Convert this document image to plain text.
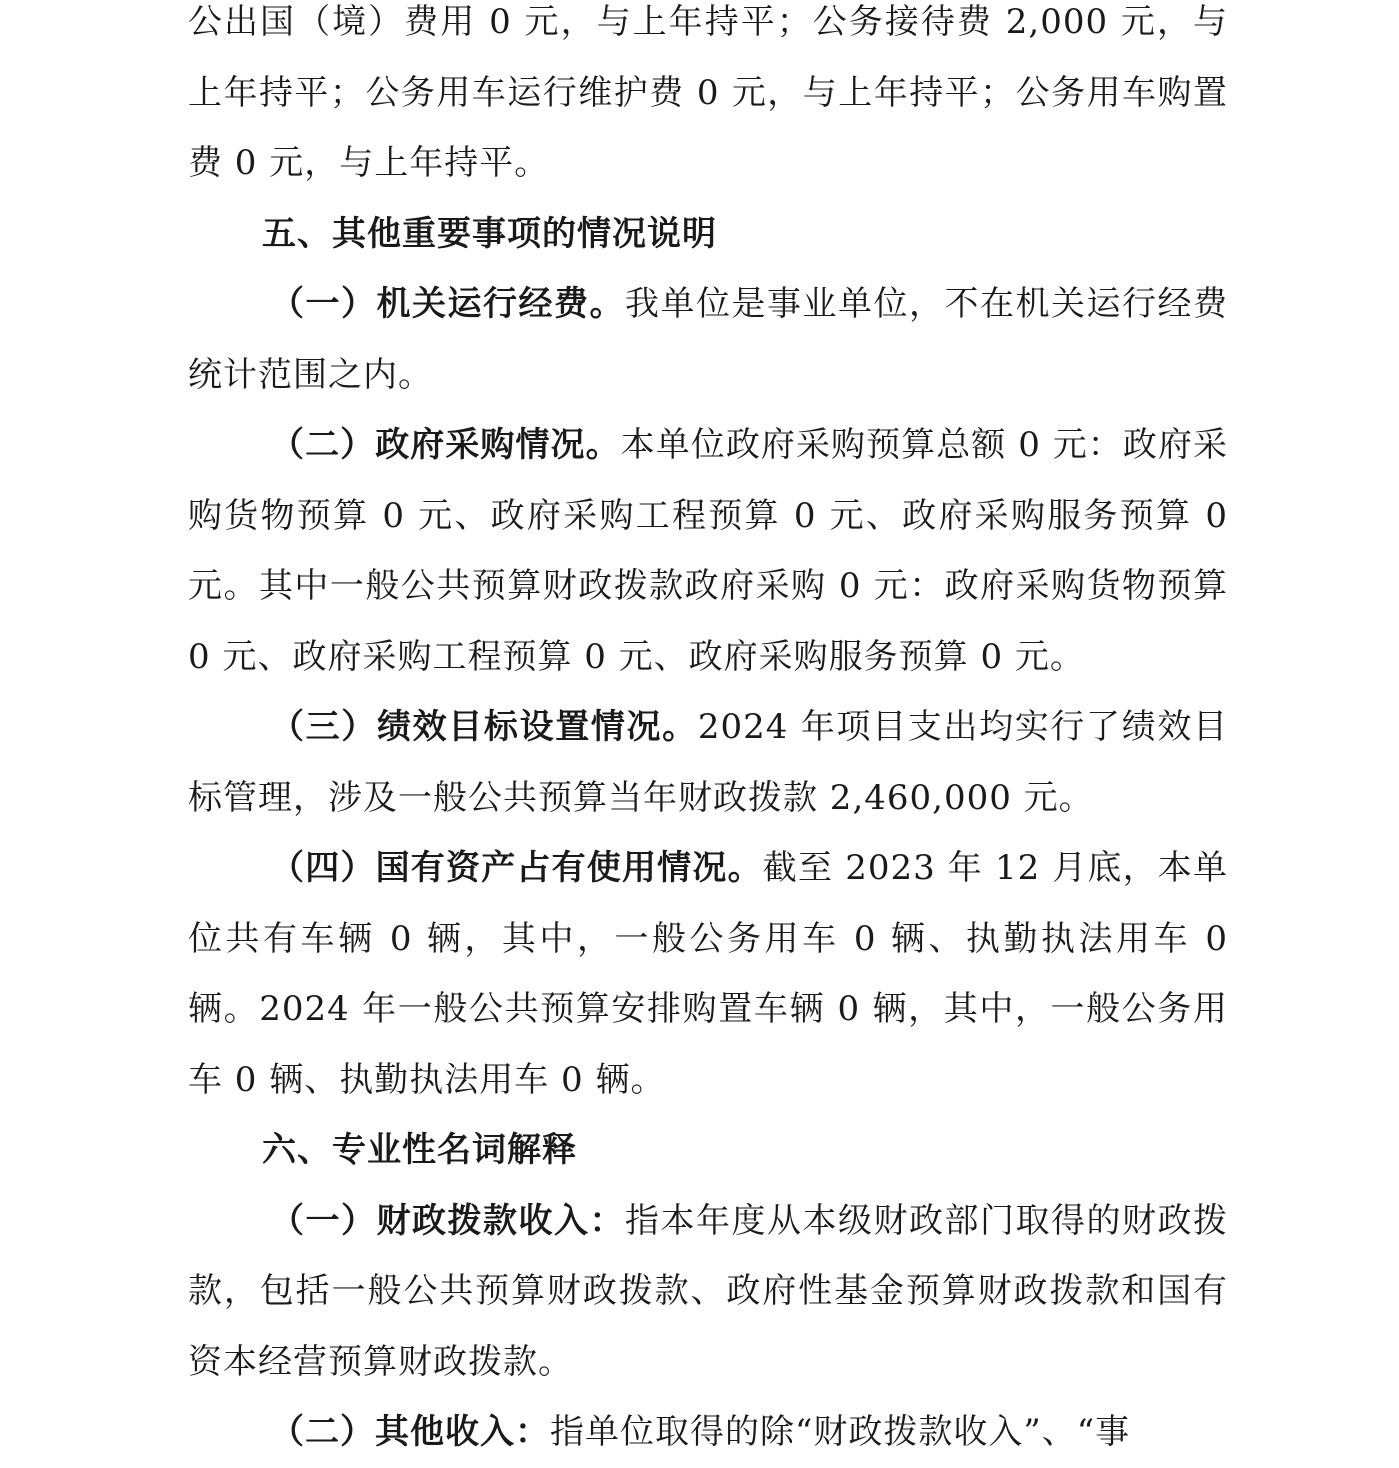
公出国（境）费用 0 元，与上年持平；公务接待费 2,000 元，与上年持平；公务用车运行维护费 0 元，与上年持平；公务用车购置费 0 元，与上年持平。

五、其他重要事项的情况说明

（一）机关运行经费。我单位是事业单位，不在机关运行经费统计范围之内。

（二）政府采购情况。本单位政府采购预算总额 0 元：政府采购货物预算 0 元、政府采购工程预算 0 元、政府采购服务预算 0 元。其中一般公共预算财政拨款政府采购 0 元：政府采购货物预算 0 元、政府采购工程预算 0 元、政府采购服务预算 0 元。

（三）绩效目标设置情况。2024 年项目支出均实行了绩效目标管理，涉及一般公共预算当年财政拨款 2,460,000 元。

（四）国有资产占有使用情况。截至 2023 年 12 月底，本单位共有车辆 0 辆，其中，一般公务用车 0 辆、执勤执法用车 0 辆。2024 年一般公共预算安排购置车辆 0 辆，其中，一般公务用车 0 辆、执勤执法用车 0 辆。

六、专业性名词解释

（一）财政拨款收入：指本年度从本级财政部门取得的财政拨款，包括一般公共预算财政拨款、政府性基金预算财政拨款和国有资本经营预算财政拨款。

（二）其他收入：指单位取得的除“财政拨款收入”、“事
